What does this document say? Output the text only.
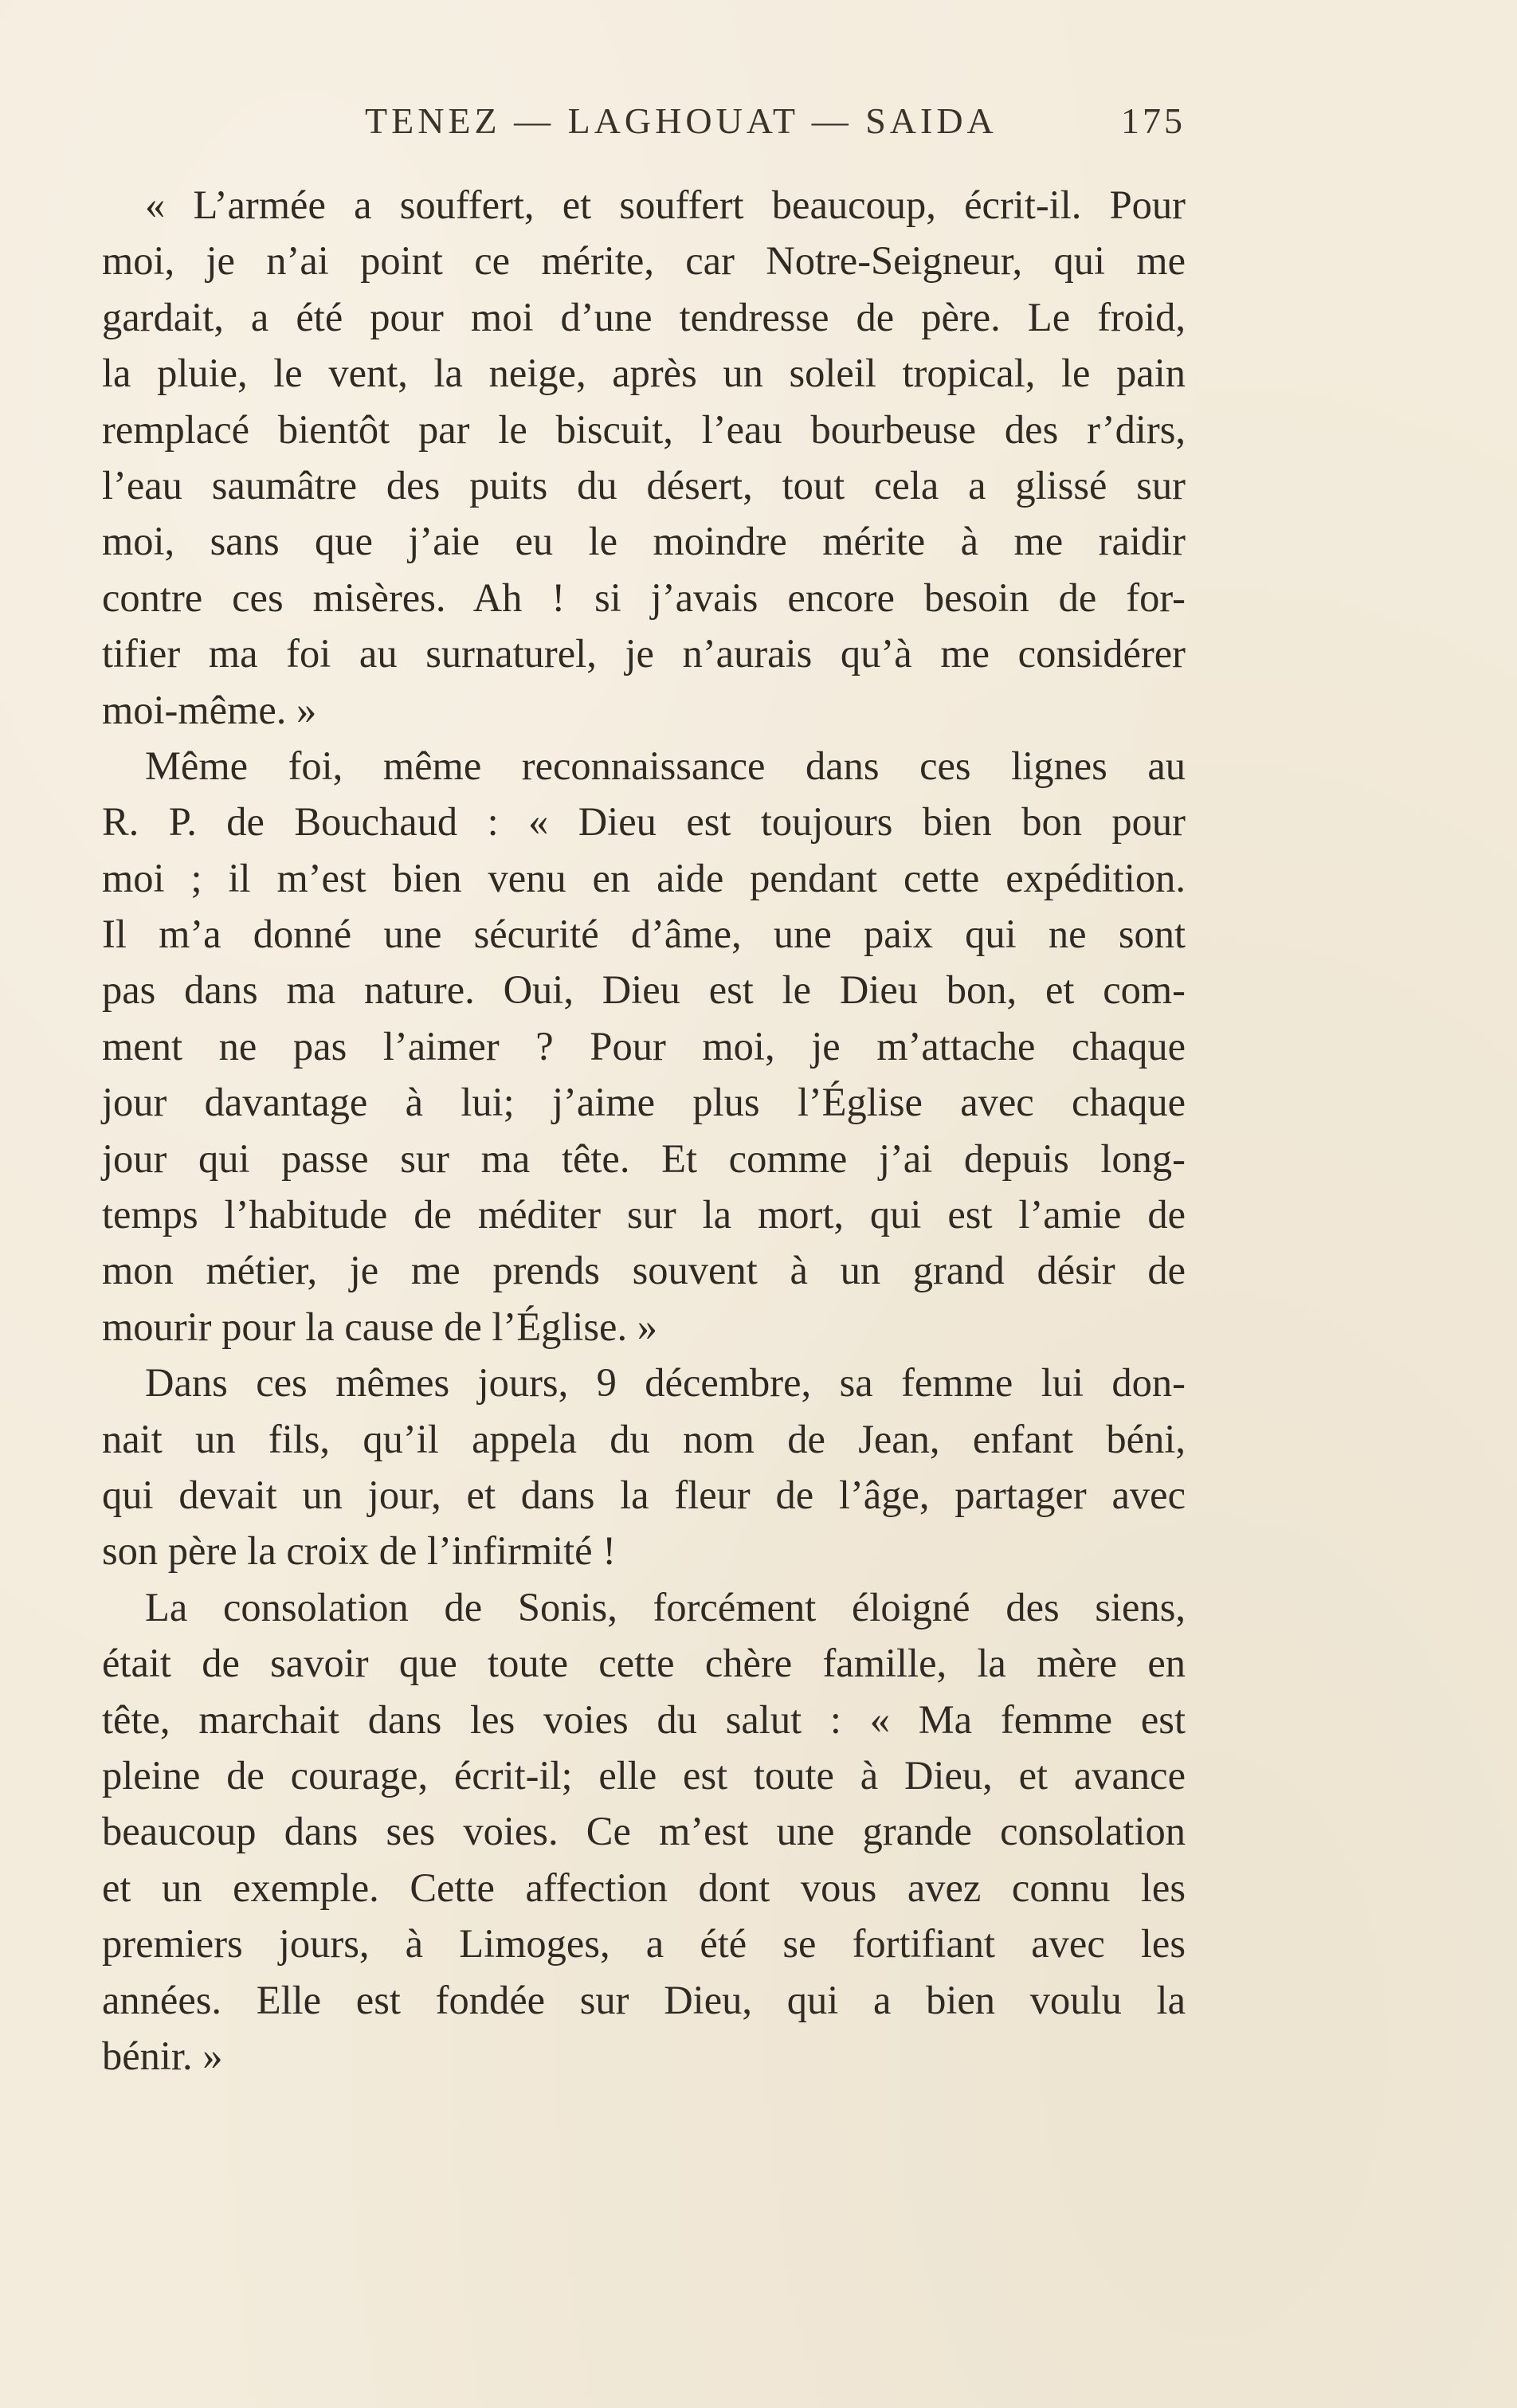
TENEZ — LAGHOUAT — SAIDA	175
« L’armée a souffert, et souffert beaucoup, écrit-il. Pour
moi, je n’ai point ce mérite, car Notre-Seigneur, qui me
gardait, a été pour moi d’une tendresse de père. Le froid,
la pluie, le vent, la neige, après un soleil tropical, le pain
remplacé bientôt par le biscuit, l’eau bourbeuse des r’dirs,
l’eau saumâtre des puits du désert, tout cela a glissé sur
moi, sans que j’aie eu le moindre mérite à me raidir
contre ces misères. Ah ! si j’avais encore besoin de for-
tifier ma foi au surnaturel, je n’aurais qu’à me considérer
moi-même. »
Même foi, même reconnaissance dans ces lignes au
R. P. de Bouchaud : « Dieu est toujours bien bon pour
moi ; il m’est bien venu en aide pendant cette expédition.
Il m’a donné une sécurité d’âme, une paix qui ne sont
pas dans ma nature. Oui, Dieu est le Dieu bon, et com-
ment ne pas l’aimer ? Pour moi, je m’attache chaque
jour davantage à lui; j’aime plus l’Église avec chaque
jour qui passe sur ma tête. Et comme j’ai depuis long-
temps l’habitude de méditer sur la mort, qui est l’amie de
mon métier, je me prends souvent à un grand désir de
mourir pour la cause de l’Église. »
Dans ces mêmes jours, 9 décembre, sa femme lui don-
nait un fils, qu’il appela du nom de Jean, enfant béni,
qui devait un jour, et dans la fleur de l’âge, partager avec
son père la croix de l’infirmité !
La consolation de Sonis, forcément éloigné des siens,
était de savoir que toute cette chère famille, la mère en
tête, marchait dans les voies du salut : « Ma femme est
pleine de courage, écrit-il; elle est toute à Dieu, et avance
beaucoup dans ses voies. Ce m’est une grande consolation
et un exemple. Cette affection dont vous avez connu les
premiers jours, à Limoges, a été se fortifiant avec les
années. Elle est fondée sur Dieu, qui a bien voulu la
bénir. »
